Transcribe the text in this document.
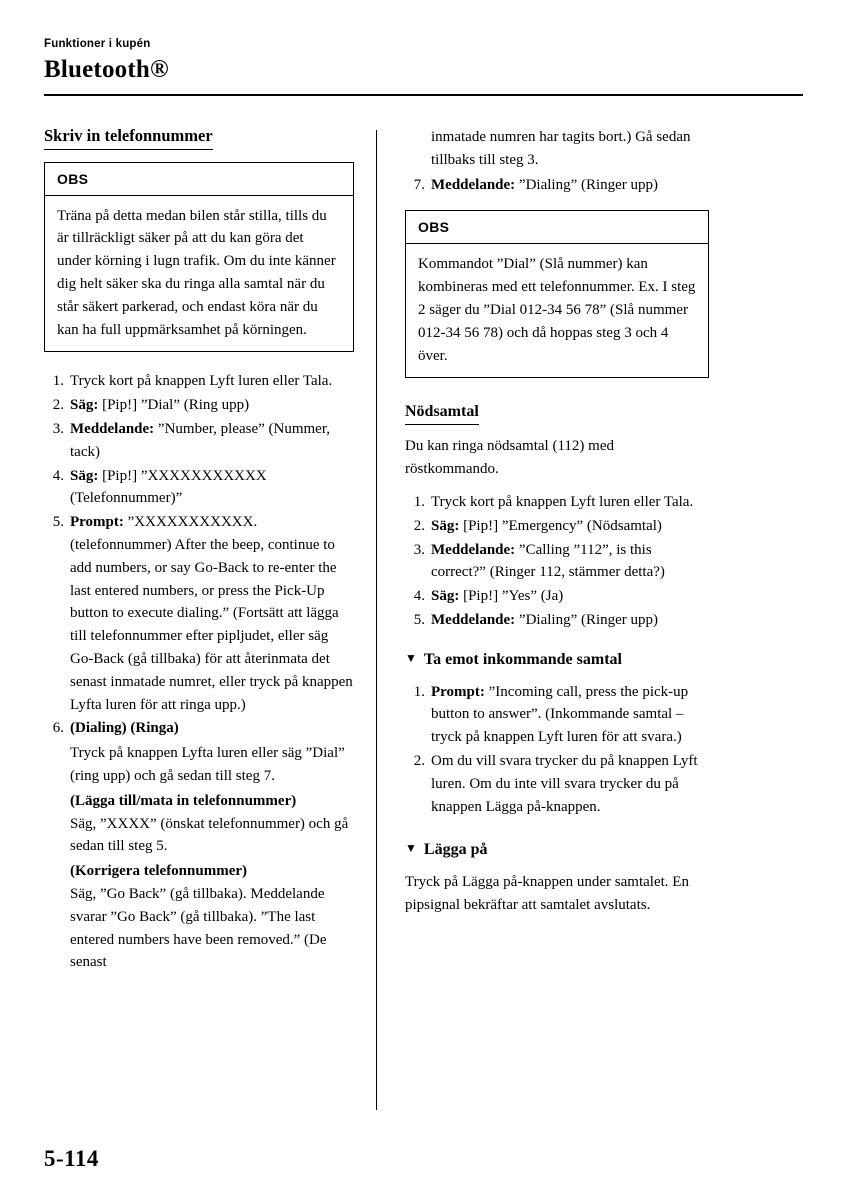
Funktioner i kupén
Bluetooth®
Skriv in telefonnummer
OBS

Träna på detta medan bilen står stilla, tills du är tillräckligt säker på att du kan göra det under körning i lugn trafik. Om du inte känner dig helt säker ska du ringa alla samtal när du står säkert parkerad, och endast köra när du kan ha full uppmärksamhet på körningen.

1. Tryck kort på knappen Lyft luren eller Tala.
2. Säg: [Pip!] ”Dial” (Ring upp)
3. Meddelande: ”Number, please” (Nummer, tack)
4. Säg: [Pip!] ”XXXXXXXXXXX (Telefonnummer)”
5. Prompt: ”XXXXXXXXXXX. (telefonnummer) After the beep, continue to add numbers, or say Go-Back to re-enter the last entered numbers, or press the Pick-Up button to execute dialing.” (Fortsätt att lägga till telefonnummer efter pipljudet, eller säg Go-Back (gå tillbaka) för att återinmata det senast inmatade numret, eller tryck på knappen Lyfta luren för att ringa upp.)
6. (Dialing) (Ringa)
Tryck på knappen Lyfta luren eller säg ”Dial” (ring upp) och gå sedan till steg 7.
(Lägga till/mata in telefonnummer)
Säg, ”XXXX” (önskat telefonnummer) och gå sedan till steg 5.
(Korrigera telefonnummer)
Säg, ”Go Back” (gå tillbaka). Meddelande svarar ”Go Back” (gå tillbaka). ”The last entered numbers have been removed.” (De senast

inmatade numren har tagits bort.) Gå sedan tillbaks till steg 3.

7. Meddelande: ”Dialing” (Ringer upp)
OBS

Kommandot ”Dial” (Slå nummer) kan kombineras med ett telefonnummer. Ex. I steg 2 säger du ”Dial 012-34 56 78” (Slå nummer 012-34 56 78) och då hoppas steg 3 och 4 över.

Nödsamtal

Du kan ringa nödsamtal (112) med röstkommando.

1. Tryck kort på knappen Lyft luren eller Tala.
2. Säg: [Pip!] ”Emergency” (Nödsamtal)
3. Meddelande: ”Calling ”112”, is this correct?” (Ringer 112, stämmer detta?)
4. Säg: [Pip!] ”Yes” (Ja)
5. Meddelande: ”Dialing” (Ringer upp)
▼ Ta emot inkommande samtal
1. Prompt: ”Incoming call, press the pick-up button to answer”. (Inkommande samtal – tryck på knappen Lyft luren för att svara.)
2. Om du vill svara trycker du på knappen Lyft luren. Om du inte vill svara trycker du på knappen Lägga på-knappen.
▼ Lägga på

Tryck på Lägga på-knappen under samtalet. En pipsignal bekräftar att samtalet avslutats.

5-114
